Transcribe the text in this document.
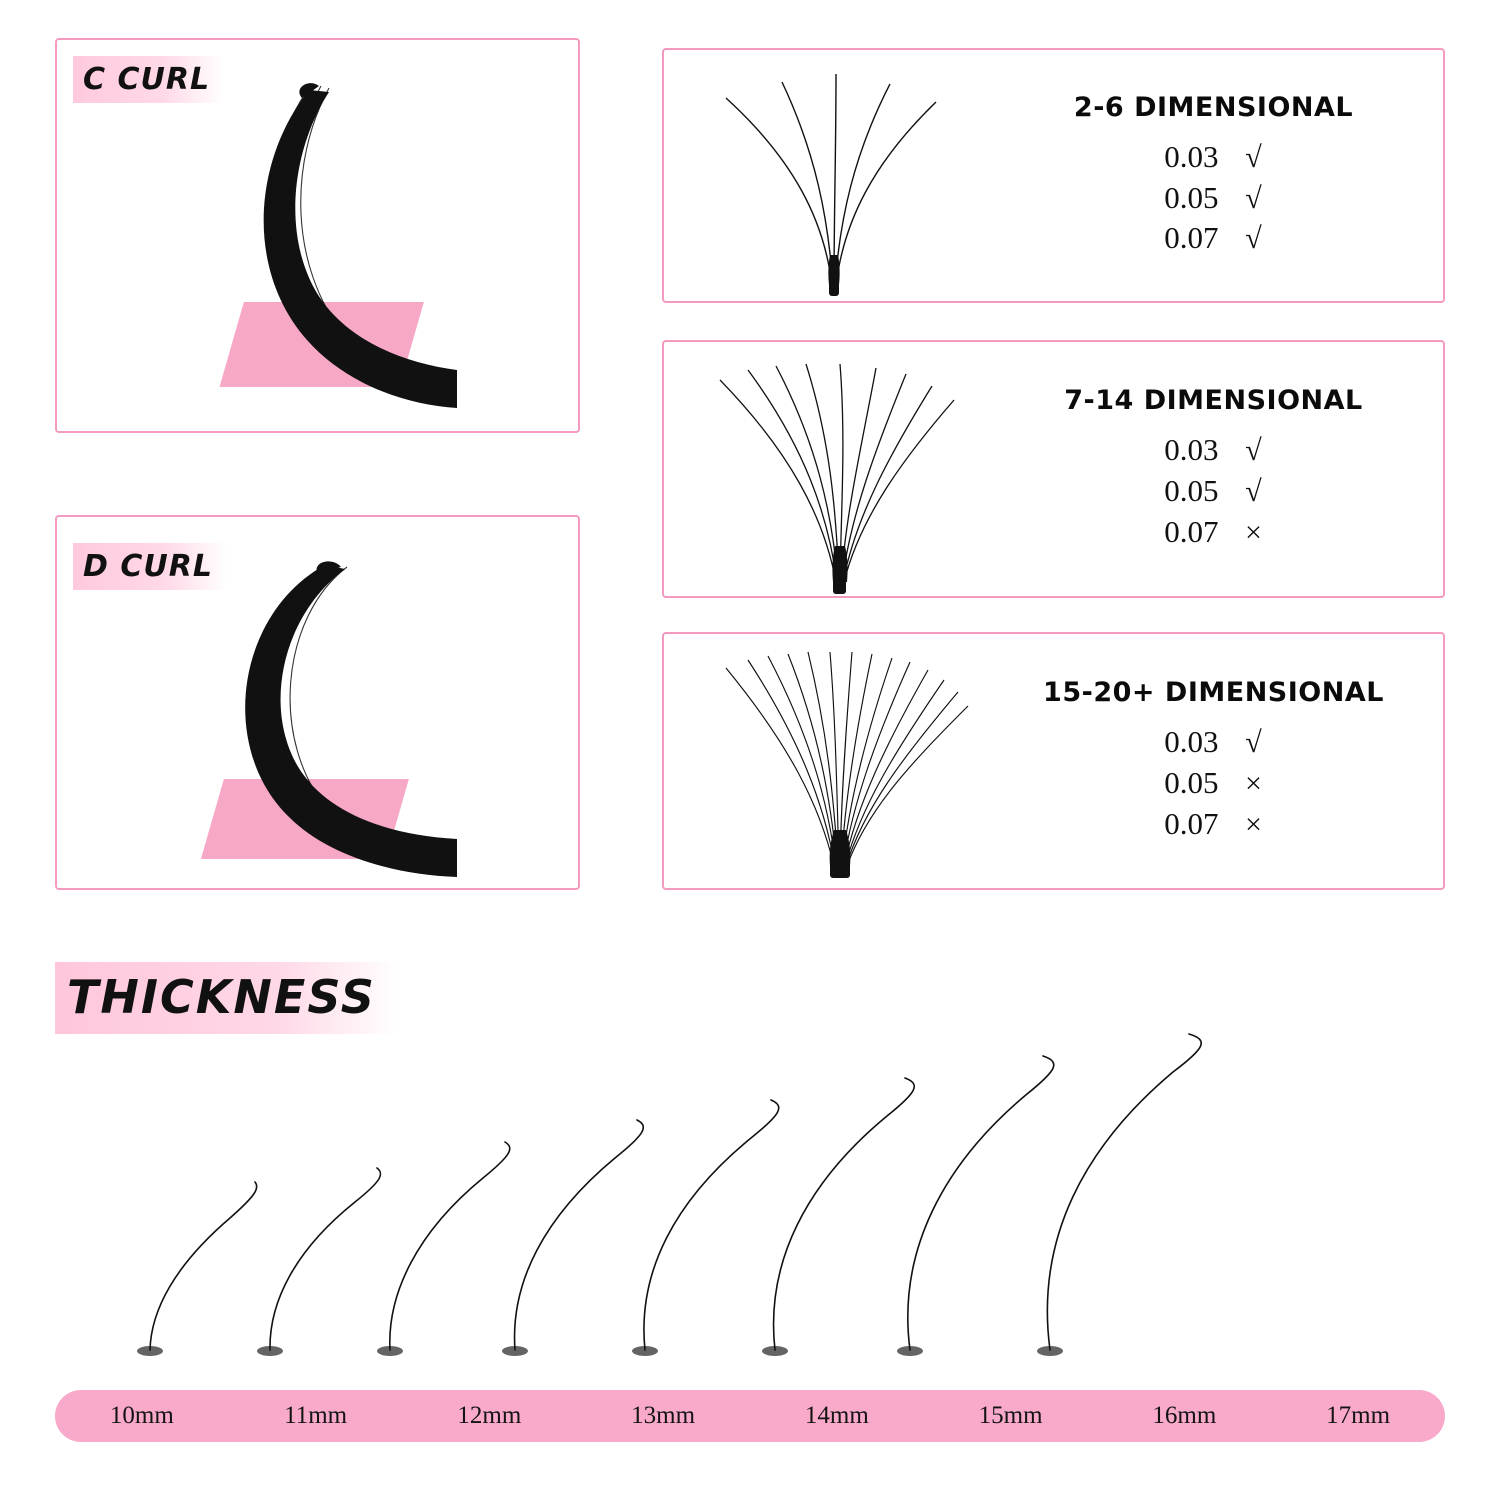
C CURL
D CURL
2-6 DIMENSIONAL
0.03 √
0.05 √
0.07 √
7-14 DIMENSIONAL
0.03 √
0.05 √
0.07 ×
15-20+ DIMENSIONAL
0.03 √
0.05 ×
0.07 ×
THICKNESS
10mm	11mm	12mm	13mm	14mm	15mm	16mm	17mm
